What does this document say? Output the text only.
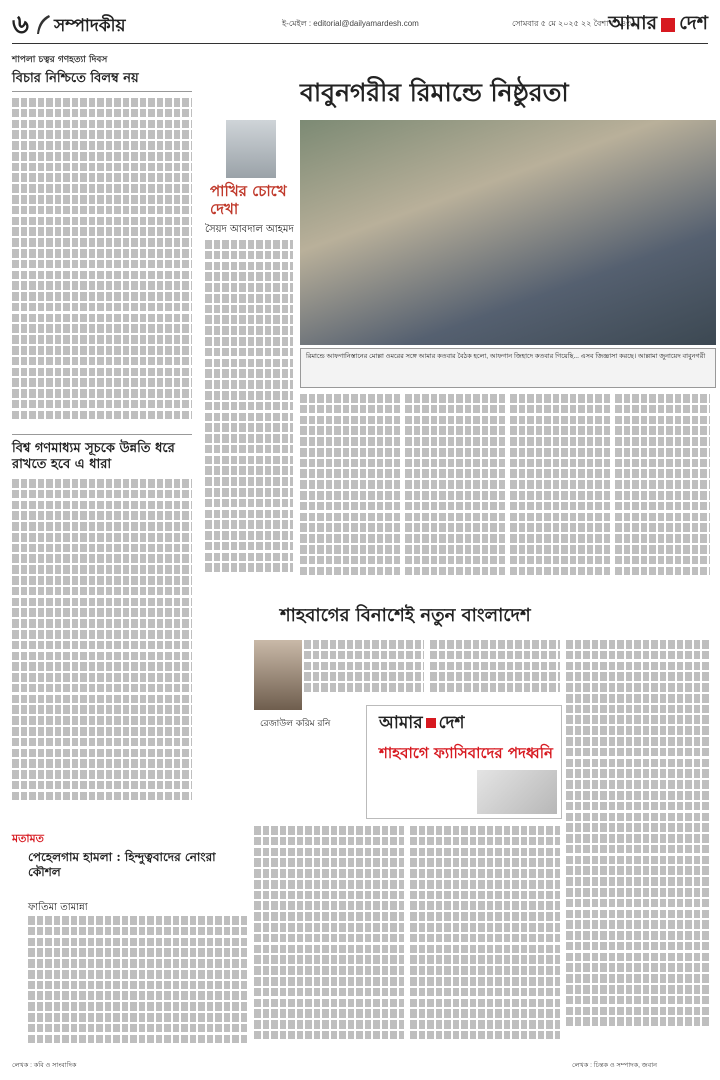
৬ সম্পাদকীয়	ই-মেইল : editorial@dailyamardesh.com	সোমবার ৫ মে ২০২৫ ২২ বৈশাখ ১৪৩২
আমার দেশ
শাপলা চত্বর গণহত্যা দিবস
বিচার নিশ্চিতে বিলম্ব নয়
বিশ্ব গণমাধ্যম সূচকে উন্নতি ধরে রাখতে হবে এ ধারা
বাবুনগরীর রিমান্ডে নিষ্ঠুরতা
পাখির চোখে দেখা
সৈয়দ আবদাল আহমদ
রিমান্ডে আফগানিস্তানের মোল্লা ওমরের সঙ্গে আমার কতবার বৈঠক হলো, আফগান জিহাদে কতবার গিয়েছি... এসব জিজ্ঞাসা করছে। আল্লামা জুনায়েদ বাবুনগরী
শাহবাগের বিনাশেই নতুন বাংলাদেশ
রেজাউল করিম রনি	আমার দেশ
শাহবাগে ফ্যাসিবাদের পদধ্বনি
মতামত
পেহেলগাম হামলা : হিন্দুত্ববাদের নোংরা কৌশল
ফাতিমা তামান্না
লেখক : কবি ও সাংবাদিক	লেখক : চিন্তক ও সম্পাদক, জবান
